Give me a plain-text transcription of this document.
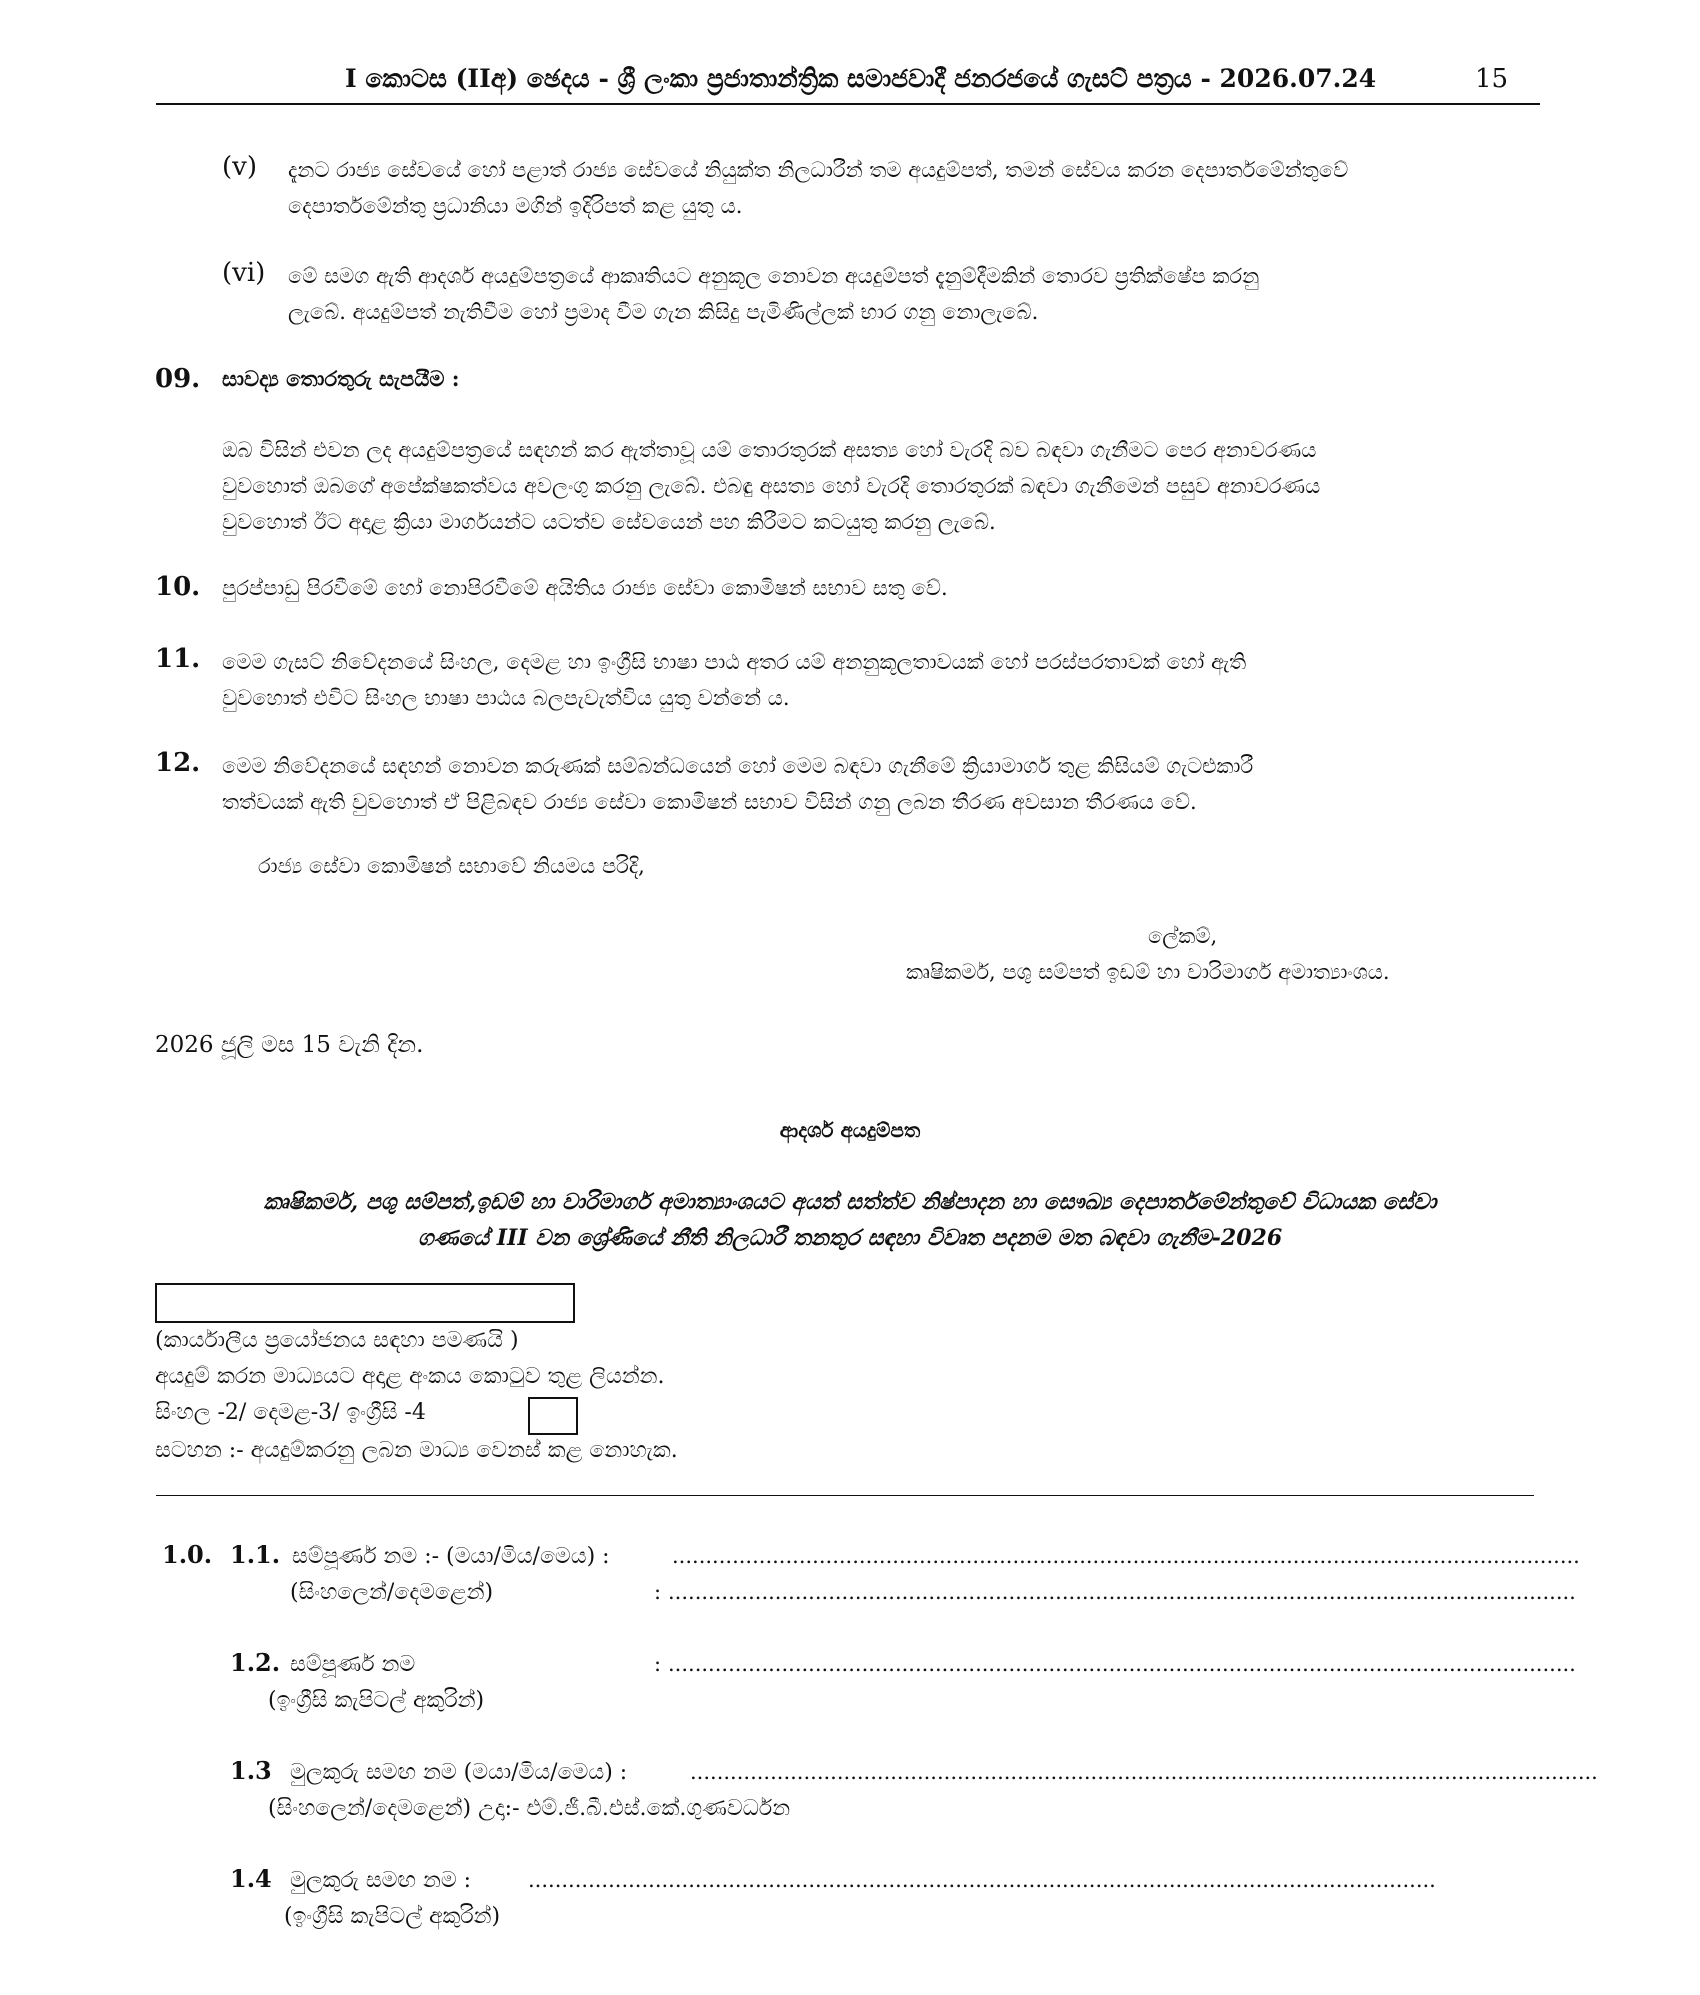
I කොටස (IIඅ) ඡෙදය - ශ්‍රී ලංකා ප්‍රජාතාන්ත්‍රික සමාජවාදී ජනරජයේ ගැසට් පත්‍රය - 2026.07.24	15
(v) දැනට රාජ්‍ය සේවයේ හෝ පළාත් රාජ්‍ය සේවයේ නියුක්ත නිලධාරීන් තම අයදුම්පත්, තමන් සේවය කරන දෙපාර්තමේන්තුවේ
දෙපාර්තමේන්තු ප්‍රධානියා මගින් ඉදිරිපත් කළ යුතු ය.
(vi) මේ සමග ඇති ආදර්ශ අයදුම්පත්‍රයේ ආකෘතියට අනුකූල නොවන අයදුම්පත් දැනුම්දීමකින් තොරව ප්‍රතික්ෂේප කරනු
ලැබේ. අයදුම්පත් නැතිවීම හෝ ප්‍රමාද වීම ගැන කිසිදු පැමිණිල්ලක් භාර ගනු නොලැබේ.
09. සාවද්‍ය තොරතුරු සැපයීම :
ඔබ විසින් එවන ලද අයදුම්පත්‍රයේ සඳහන් කර ඇත්තාවූ යම් තොරතුරක් අසත්‍ය හෝ වැරදි බව බඳවා ගැනීමට පෙර අනාවරණය
වුවහොත් ඔබගේ අපේක්ෂකත්වය අවලංගු කරනු ලැබේ. එබඳු අසත්‍ය හෝ වැරදි තොරතුරක් බඳවා ගැනීමෙන් පසුව අනාවරණය
වුවහොත් ඊට අදාළ ක්‍රියා මාර්ගයන්ට යටත්ව සේවයෙන් පහ කිරීමට කටයුතු කරනු ලැබේ.
10. පුරප්පාඩු පිරවීමේ හෝ නොපිරවීමේ අයිතිය රාජ්‍ය සේවා කොමිෂන් සභාව සතු වේ.
11. මෙම ගැසට් නිවේදනයේ සිංහල, දෙමළ හා ඉංග්‍රීසි භාෂා පාඨ අතර යම් අනනුකූලතාවයක් හෝ පරස්පරතාවක් හෝ ඇති
වුවහොත් එවිට සිංහල භාෂා පාඨය බලපැවැත්විය යුතු වන්නේ ය.
12. මෙම නිවේදනයේ සඳහන් නොවන කරුණක් සම්බන්ධයෙන් හෝ මෙම බඳවා ගැනීමේ ක්‍රියාමාර්ග තුළ කිසියම් ගැටළුකාරී
තත්වයක් ඇති වුවහොත් ඒ පිළිබඳව රාජ්‍ය සේවා කොමිෂන් සභාව විසින් ගනු ලබන තීරණ අවසාන තීරණය වේ.
රාජ්‍ය සේවා කොමිෂන් සභාවේ නියමය පරිදි,
ලේකම්,
කෘෂිකර්ම, පශු සම්පත් ඉඩම් හා වාරිමාර්ග අමාත්‍යාංශය.
2026 ජූලි මස 15 වැනි දින.
ආදර්ශ අයදුම්පත
කෘෂිකර්ම, පශු සම්පත්,ඉඩම් හා වාරිමාර්ග අමාත්‍යාංශයට අයත් සත්ත්ව නිෂ්පාදන හා සෞඛ්‍ය දෙපාර්තමේන්තුවේ විධායක සේවා
ගණයේ III වන ශ්‍රේණියේ නීති නිලධාරී තනතුර සඳහා විවෘත පදනම මත බඳවා ගැනීම-2026
(කාර්යාලීය ප්‍රයෝජනය සඳහා පමණයි )
අයදුම් කරන මාධ්‍යයට අදාළ අංකය කොටුව තුළ ලියන්න.
සිංහල -2/ දෙමළ-3/ ඉංග්‍රීසි -4
සටහන :- අයදුම්කරනු ලබන මාධ්‍ය වෙනස් කළ නොහැක.
1.0. 1.1. සම්පූර්ණ නම :- (මයා/මිය/මෙය) :	........................................................................................................................................
(සිංහලෙන්/දෙමළෙන්)	: ........................................................................................................................................
1.2. සම්පූර්ණ නම	: ........................................................................................................................................
(ඉංග්‍රීසි කැපිටල් අකුරින්)
1.3 මුලකුරු සමඟ නම (මයා/මිය/මෙය) :	........................................................................................................................................
(සිංහලෙන්/දෙමළෙන්) උදා:- එම්.ජී.බී.එස්.කේ.ගුණවර්ධන
1.4 මුලකුරු සමඟ නම :	........................................................................................................................................
(ඉංග්‍රීසි කැපිටල් අකුරින්)
